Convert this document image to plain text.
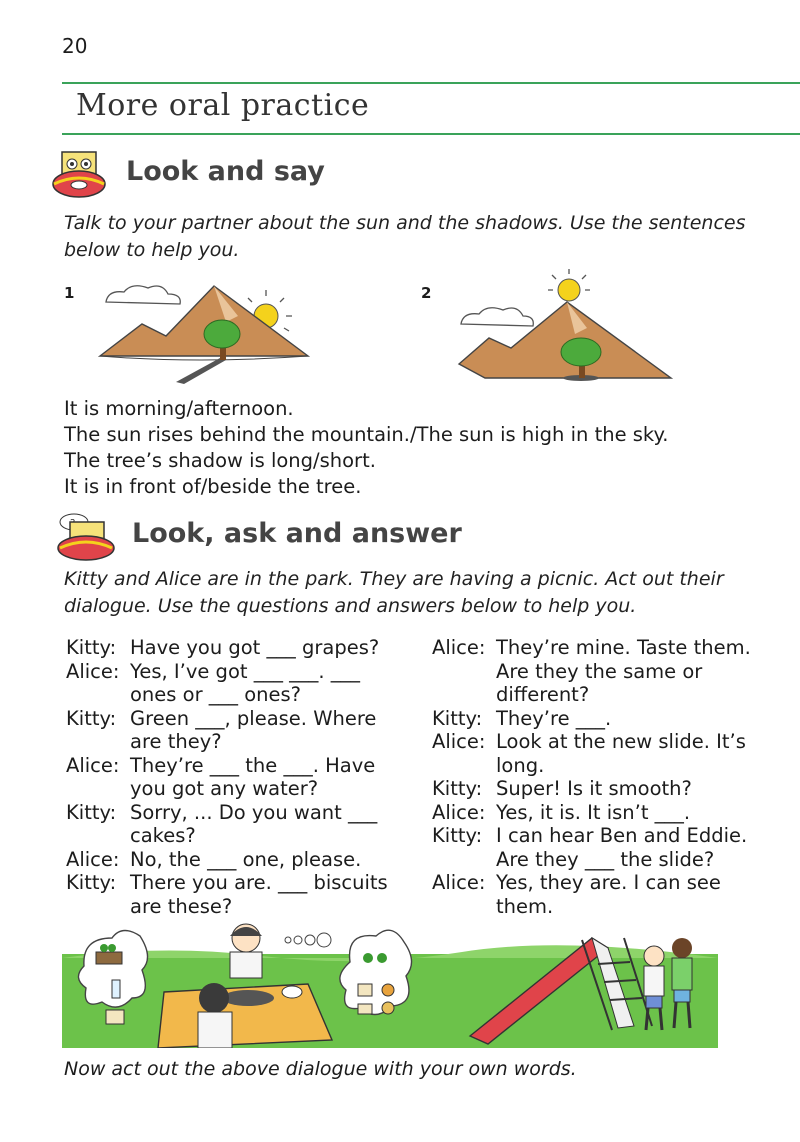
20
More oral practice
Look and say
Talk to your partner about the sun and the shadows. Use the sentences below to help you.
1	2
It is morning/afternoon.
The sun rises behind the mountain./The sun is high in the sky.
The tree’s shadow is long/short.
It is in front of/beside the tree.
Look, ask and answer
Kitty and Alice are in the park. They are having a picnic. Act out their dialogue. Use the questions and answers below to help you.
Kitty: Have you got ___ grapes?
Alice: Yes, I’ve got ___ ___. ___
ones or ___ ones?
Kitty: Green ___, please. Where
are they?
Alice: They’re ___ the ___. Have
you got any water?
Kitty: Sorry, ... Do you want ___
cakes?
Alice: No, the ___ one, please.
Kitty: There you are. ___ biscuits
are these?
Alice: They’re mine. Taste them.
Are they the same or
different?
Kitty: They’re ___.
Alice: Look at the new slide. It’s
long.
Kitty: Super! Is it smooth?
Alice: Yes, it is. It isn’t ___.
Kitty: I can hear Ben and Eddie.
Are they ___ the slide?
Alice: Yes, they are. I can see
them.
Now act out the above dialogue with your own words.
